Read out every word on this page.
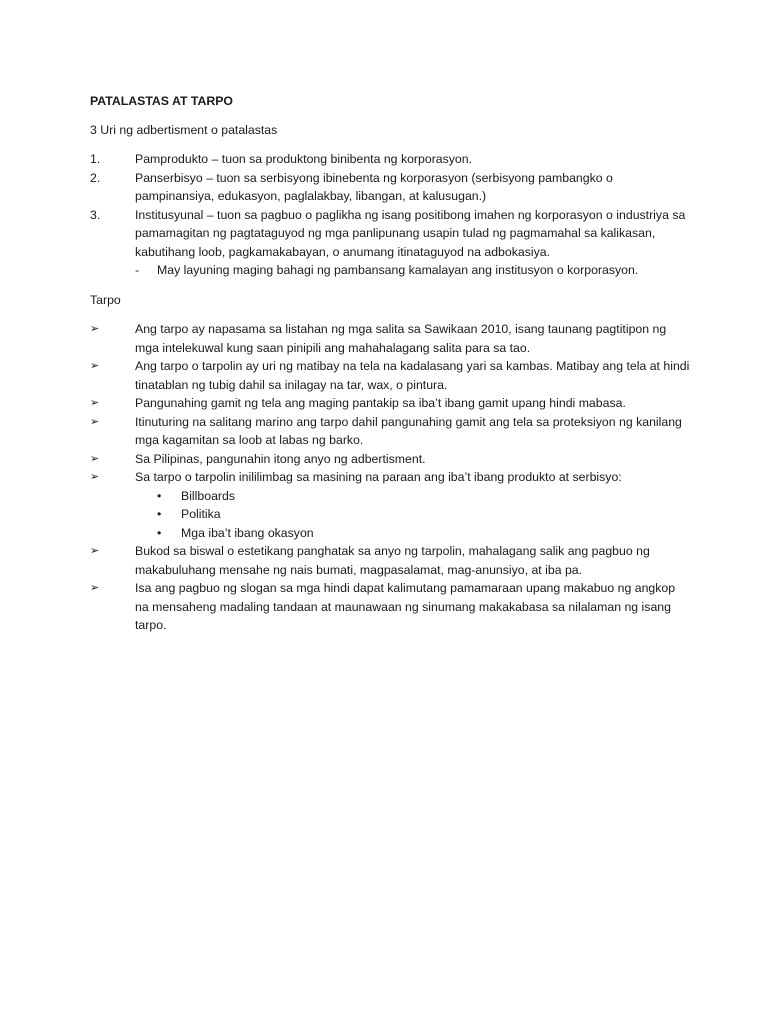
PATALASTAS AT TARPO
3 Uri ng adbertisment o patalastas
1.	Pamprodukto – tuon sa produktong binibenta ng korporasyon.
2.	Panserbisyo – tuon sa serbisyong ibinebenta ng korporasyon (serbisyong pambangko o pampinansiya, edukasyon, paglalakbay, libangan, at kalusugan.)
3.	Institusyunal – tuon sa pagbuo o paglikha ng isang positibong imahen ng korporasyon o industriya sa pamamagitan ng pagtataguyod ng mga panlipunang usapin tulad ng pagmamahal sa kalikasan, kabutihang loob, pagkamakabayan, o anumang itinataguyod na adbokasiya.
-	May layuning maging bahagi ng pambansang kamalayan ang institusyon o korporasyon.
Tarpo
➢	Ang tarpo ay napasama sa listahan ng mga salita sa Sawikaan 2010, isang taunang pagtitipon ng mga intelekuwal kung saan pinipili ang mahahalagang salita para sa tao.
➢	Ang tarpo o tarpolin ay uri ng matibay na tela na kadalasang yari sa kambas. Matibay ang tela at hindi tinatablan ng tubig dahil sa inilagay na tar, wax, o pintura.
➢	Pangunahing gamit ng tela ang maging pantakip sa iba’t ibang gamit upang hindi mabasa.
➢	Itinuturing na salitang marino ang tarpo dahil pangunahing gamit ang tela sa proteksiyon ng kanilang mga kagamitan sa loob at labas ng barko.
➢	Sa Pilipinas, pangunahin itong anyo ng adbertisment.
➢	Sa tarpo o tarpolin inililimbag sa masining na paraan ang iba’t ibang produkto at serbisyo:
•	Billboards
•	Politika
•	Mga iba’t ibang okasyon
➢	Bukod sa biswal o estetikang panghatak sa anyo ng tarpolin, mahalagang salik ang pagbuo ng makabuluhang mensahe ng nais bumati, magpasalamat, mag-anunsiyo, at iba pa.
➢	Isa ang pagbuo ng slogan sa mga hindi dapat kalimutang pamamaraan upang makabuo ng angkop na mensaheng madaling tandaan at maunawaan ng sinumang makakabasa sa nilalaman ng isang tarpo.
